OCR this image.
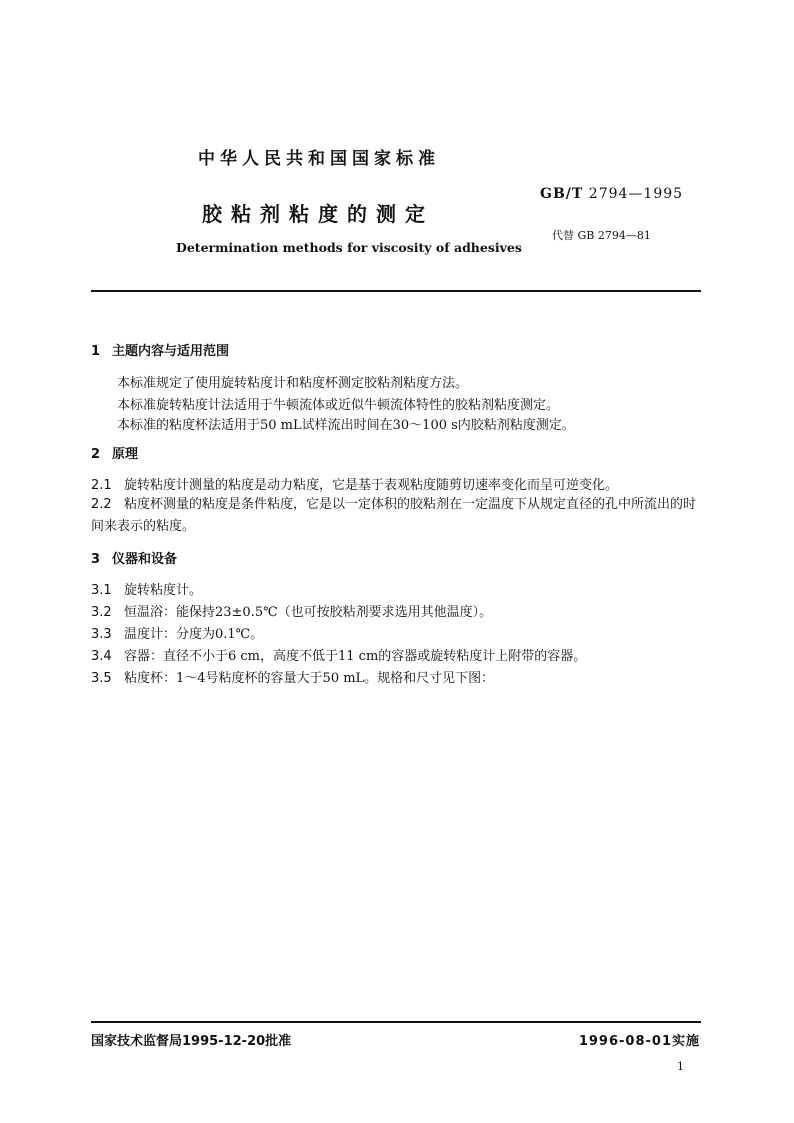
中华人民共和国国家标准
GB/T 2794—1995
胶粘剂粘度的测定
代替 GB 2794—81
Determination methods for viscosity of adhesives
1 主题内容与适用范围
本标准规定了使用旋转粘度计和粘度杯测定胶粘剂粘度方法。
本标准旋转粘度计法适用于牛顿流体或近似牛顿流体特性的胶粘剂粘度测定。
本标准的粘度杯法适用于50 mL试样流出时间在30～100 s内胶粘剂粘度测定。
2 原理
2.1 旋转粘度计测量的粘度是动力粘度，它是基于表观粘度随剪切速率变化而呈可逆变化。
2.2 粘度杯测量的粘度是条件粘度，它是以一定体积的胶粘剂在一定温度下从规定直径的孔中所流出的时间来表示的粘度。
3 仪器和设备
3.1 旋转粘度计。
3.2 恒温浴：能保持23±0.5℃（也可按胶粘剂要求选用其他温度）。
3.3 温度计：分度为0.1℃。
3.4 容器：直径不小于6 cm，高度不低于11 cm的容器或旋转粘度计上附带的容器。
3.5 粘度杯：1～4号粘度杯的容量大于50 mL。规格和尺寸见下图：
国家技术监督局1995-12-20批准	1996-08-01实施
1
